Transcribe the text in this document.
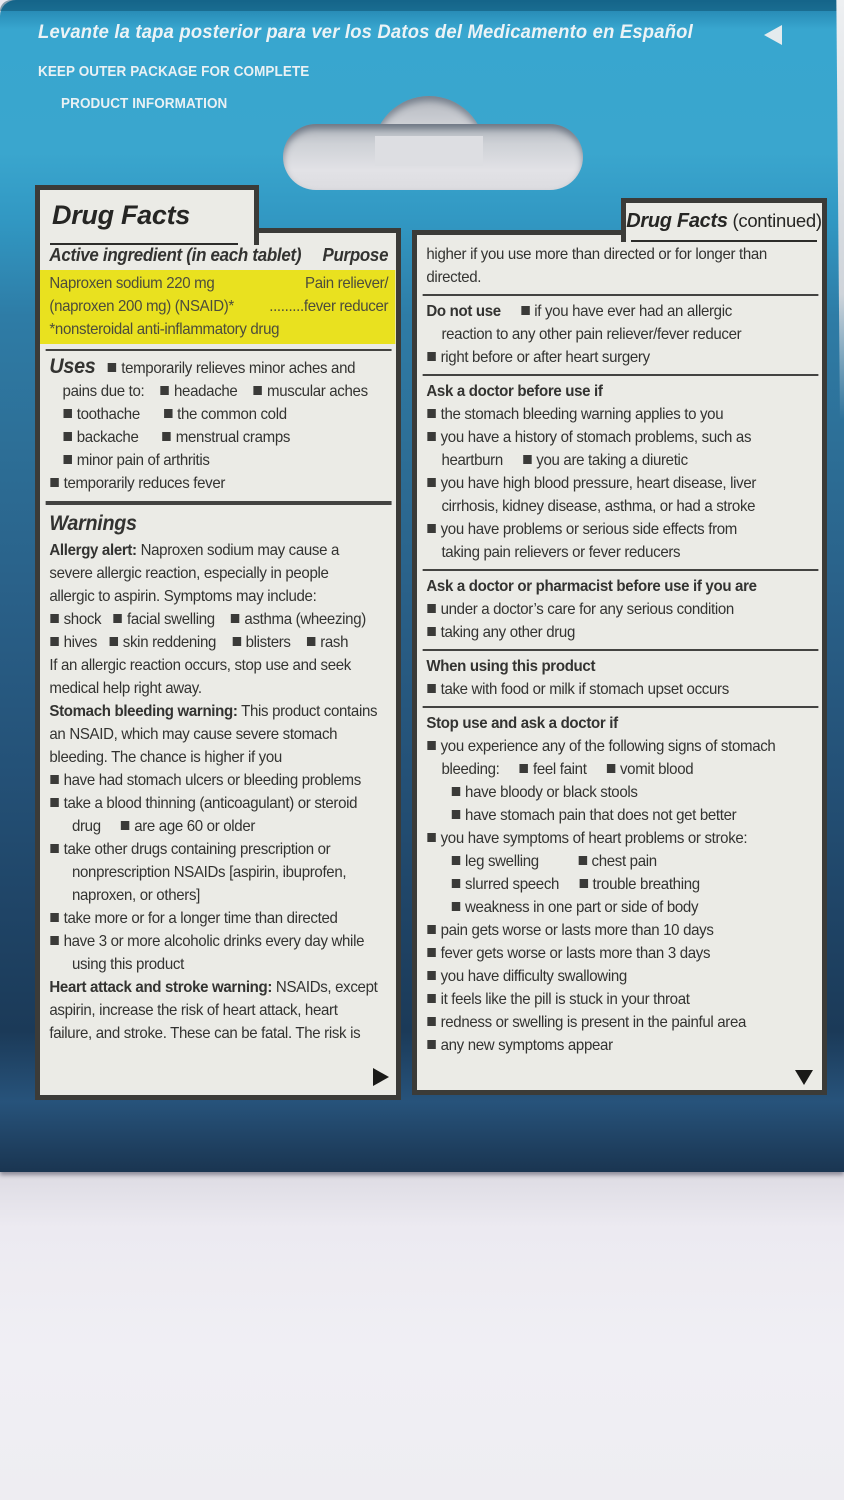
Levante la tapa posterior para ver los Datos del Medicamento en Español
KEEP OUTER PACKAGE FOR COMPLETE

PRODUCT INFORMATION
Drug Facts
Active ingredient (in each tablet) Purpose
Naproxen sodium 220 mg	Pain reliever/
(naproxen 200 mg) (NSAID)* .........fever reducer
*nonsteroidal anti-inflammatory drug
Uses    temporarily relieves minor aches and
pains due to:     headache     muscular aches
toothache       the common cold
backache       menstrual cramps
minor pain of arthritis
temporarily reduces fever
Warnings
Allergy alert: Naproxen sodium may cause a
severe allergic reaction, especially in people
allergic to aspirin. Symptoms may include:
shock    facial swelling     asthma (wheezing)
hives    skin reddening     blisters     rash
If an allergic reaction occurs, stop use and seek
medical help right away.
Stomach bleeding warning: This product contains
an NSAID, which may cause severe stomach
bleeding. The chance is higher if you
have had stomach ulcers or bleeding problems
take a blood thinning (anticoagulant) or steroid
drug      are age 60 or older
take other drugs containing prescription or
nonprescription NSAIDs [aspirin, ibuprofen,
naproxen, or others]
take more or for a longer time than directed
have 3 or more alcoholic drinks every day while
using this product
Heart attack and stroke warning: NSAIDs, except
aspirin, increase the risk of heart attack, heart
failure, and stroke. These can be fatal. The risk is
Drug Facts (continued)
higher if you use more than directed or for longer than
directed.
Do not use      if you have ever had an allergic
reaction to any other pain reliever/fever reducer
right before or after heart surgery
Ask a doctor before use if
the stomach bleeding warning applies to you
you have a history of stomach problems, such as
heartburn      you are taking a diuretic
you have high blood pressure, heart disease, liver
cirrhosis, kidney disease, asthma, or had a stroke
you have problems or serious side effects from
taking pain relievers or fever reducers
Ask a doctor or pharmacist before use if you are
under a doctor’s care for any serious condition
taking any other drug
When using this product
take with food or milk if stomach upset occurs
Stop use and ask a doctor if
you experience any of the following signs of stomach
bleeding:      feel faint      vomit blood
have bloody or black stools
have stomach pain that does not get better
you have symptoms of heart problems or stroke:
leg swelling           chest pain
slurred speech      trouble breathing
weakness in one part or side of body
pain gets worse or lasts more than 10 days
fever gets worse or lasts more than 3 days
you have difficulty swallowing
it feels like the pill is stuck in your throat
redness or swelling is present in the painful area
any new symptoms appear
